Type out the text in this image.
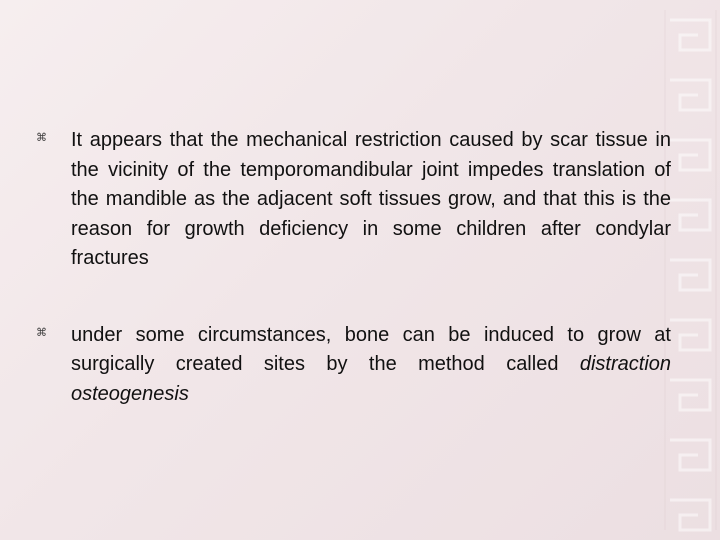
⌘ It appears that the mechanical restriction caused by scar tissue in the vicinity of the temporomandibular joint impedes translation of the mandible as the adjacent soft tissues grow, and that this is the reason for growth deficiency in some children after condylar fractures
⌘ under some circumstances, bone can be induced to grow at surgically created sites by the method called distraction osteogenesis
